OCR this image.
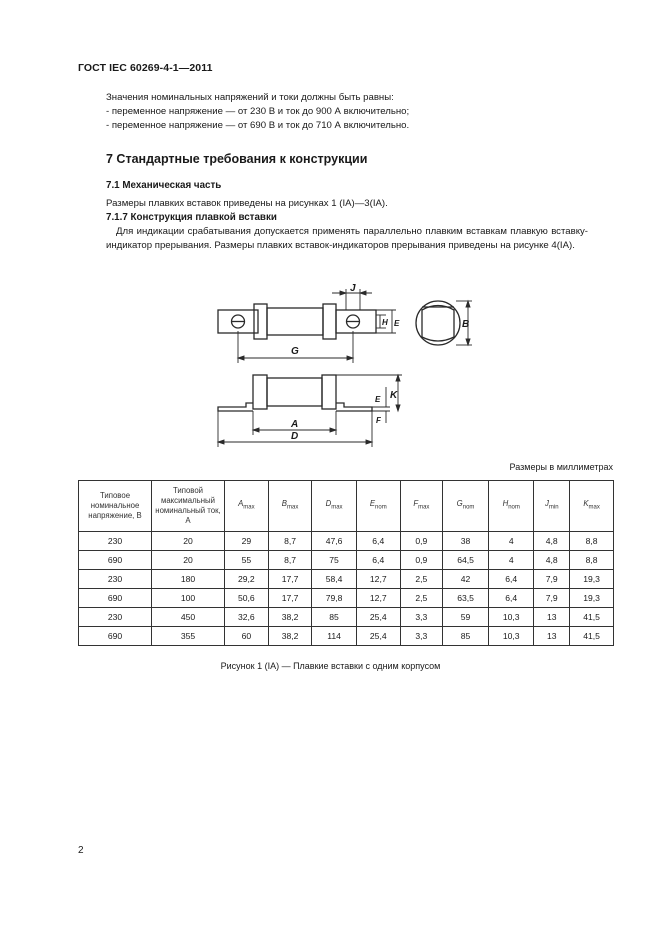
ГОСТ IEC 60269-4-1—2011
Значения номинальных напряжений и токи должны быть равны:
- переменное напряжение — от 230 В и ток до 900 А включительно;
- переменное напряжение — от 690 В и ток до 710 А включительно.
7 Стандартные требования к конструкции
7.1 Механическая часть
Размеры плавких вставок приведены на рисунках 1 (IA)—3(IA).
7.1.7 Конструкция плавкой вставки
Для индикации срабатывания допускается применять параллельно плавким вставкам плавкую вставку-индикатор прерывания. Размеры плавких вставок-индикаторов прерывания приведены на рисунке 4(IA).
G
J
H E	B
E
F
K
A
D
Размеры в миллиметрах
Типовое номинальное напряжение, В	Типовой максимальный номинальный ток, А	$A_{max}$	$B_{max}$	$D_{max}$	$E_{nom}$	$F_{max}$	$G_{nom}$	$H_{nom}$	$J_{min}$	$K_{max}$
230	20	29	8,7	47,6	6,4	0,9	38	4	4,8	8,8
690	20	55	8,7	75	6,4	0,9	64,5	4	4,8	8,8
230	180	29,2	17,7	58,4	12,7	2,5	42	6,4	7,9	19,3
690	100	50,6	17,7	79,8	12,7	2,5	63,5	6,4	7,9	19,3
230	450	32,6	38,2	85	25,4	3,3	59	10,3	13	41,5
690	355	60	38,2	114	25,4	3,3	85	10,3	13	41,5
Рисунок 1 (IA) — Плавкие вставки с одним корпусом
2
